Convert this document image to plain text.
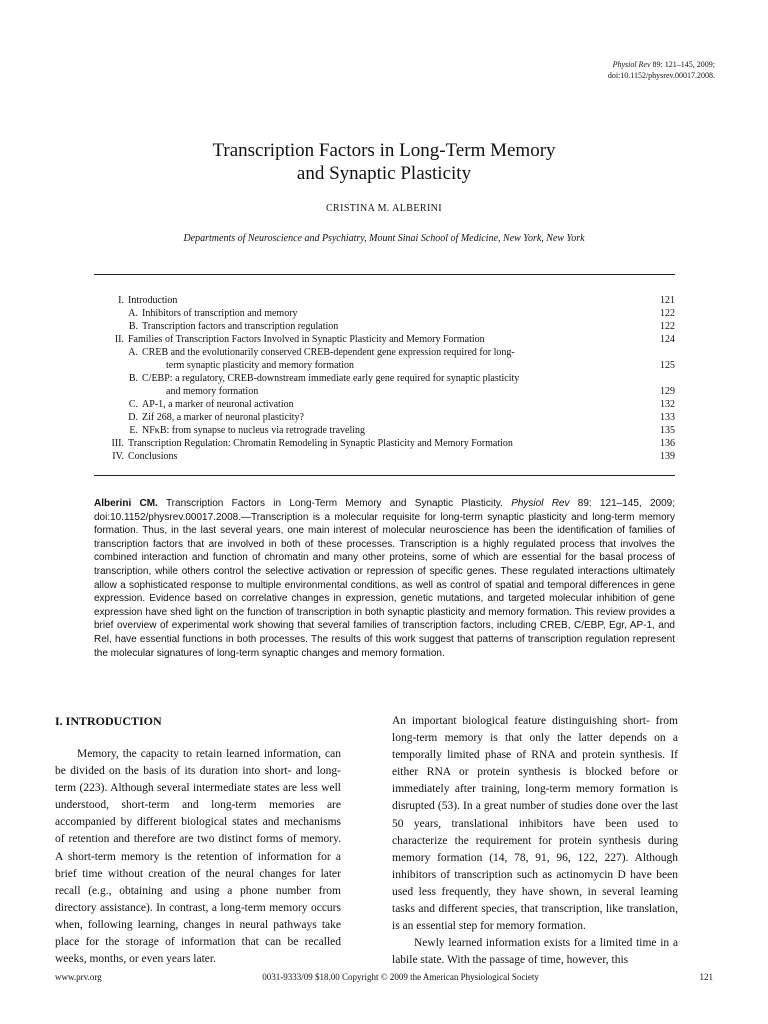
Physiol Rev 89: 121–145, 2009;
doi:10.1152/physrev.00017.2008.
Transcription Factors in Long-Term Memory
and Synaptic Plasticity
CRISTINA M. ALBERINI
Departments of Neuroscience and Psychiatry, Mount Sinai School of Medicine, New York, New York
I. Introduction	121
A. Inhibitors of transcription and memory	122
B. Transcription factors and transcription regulation	122
II. Families of Transcription Factors Involved in Synaptic Plasticity and Memory Formation	124
A. CREB and the evolutionarily conserved CREB-dependent gene expression required for long-
term synaptic plasticity and memory formation	125
B. C/EBP: a regulatory, CREB-downstream immediate early gene required for synaptic plasticity
and memory formation	129
C. AP-1, a marker of neuronal activation	132
D. Zif 268, a marker of neuronal plasticity?	133
E. NFκB: from synapse to nucleus via retrograde traveling	135
III. Transcription Regulation: Chromatin Remodeling in Synaptic Plasticity and Memory Formation	136
IV. Conclusions	139
Alberini CM. Transcription Factors in Long-Term Memory and Synaptic Plasticity. Physiol Rev 89: 121–145, 2009; doi:10.1152/physrev.00017.2008.—Transcription is a molecular requisite for long-term synaptic plasticity and long-term memory formation. Thus, in the last several years, one main interest of molecular neuroscience has been the identification of families of transcription factors that are involved in both of these processes. Transcription is a highly regulated process that involves the combined interaction and function of chromatin and many other proteins, some of which are essential for the basal process of transcription, while others control the selective activation or repression of specific genes. These regulated interactions ultimately allow a sophisticated response to multiple environmental conditions, as well as control of spatial and temporal differences in gene expression. Evidence based on correlative changes in expression, genetic mutations, and targeted molecular inhibition of gene expression have shed light on the function of transcription in both synaptic plasticity and memory formation. This review provides a brief overview of experimental work showing that several families of transcription factors, including CREB, C/EBP, Egr, AP-1, and Rel, have essential functions in both processes. The results of this work suggest that patterns of transcription regulation represent the molecular signatures of long-term synaptic changes and memory formation.
I. INTRODUCTION

Memory, the capacity to retain learned information, can be divided on the basis of its duration into short- and long-term (223). Although several intermediate states are less well understood, short-term and long-term memories are accompanied by different biological states and mechanisms of retention and therefore are two distinct forms of memory. A short-term memory is the retention of information for a brief time without creation of the neural changes for later recall (e.g., obtaining and using a phone number from directory assistance). In contrast, a long-term memory occurs when, following learning, changes in neural pathways take place for the storage of information that can be recalled weeks, months, or even years later.

An important biological feature distinguishing short- from long-term memory is that only the latter depends on a temporally limited phase of RNA and protein synthesis. If either RNA or protein synthesis is blocked before or immediately after training, long-term memory formation is disrupted (53). In a great number of studies done over the last 50 years, translational inhibitors have been used to characterize the requirement for protein synthesis during memory formation (14, 78, 91, 96, 122, 227). Although inhibitors of transcription such as actinomycin D have been used less frequently, they have shown, in several learning tasks and different species, that transcription, like translation, is an essential step for memory formation.

Newly learned information exists for a limited time in a labile state. With the passage of time, however, this

www.prv.org	0031-9333/09 $18.00 Copyright © 2009 the American Physiological Society	121
